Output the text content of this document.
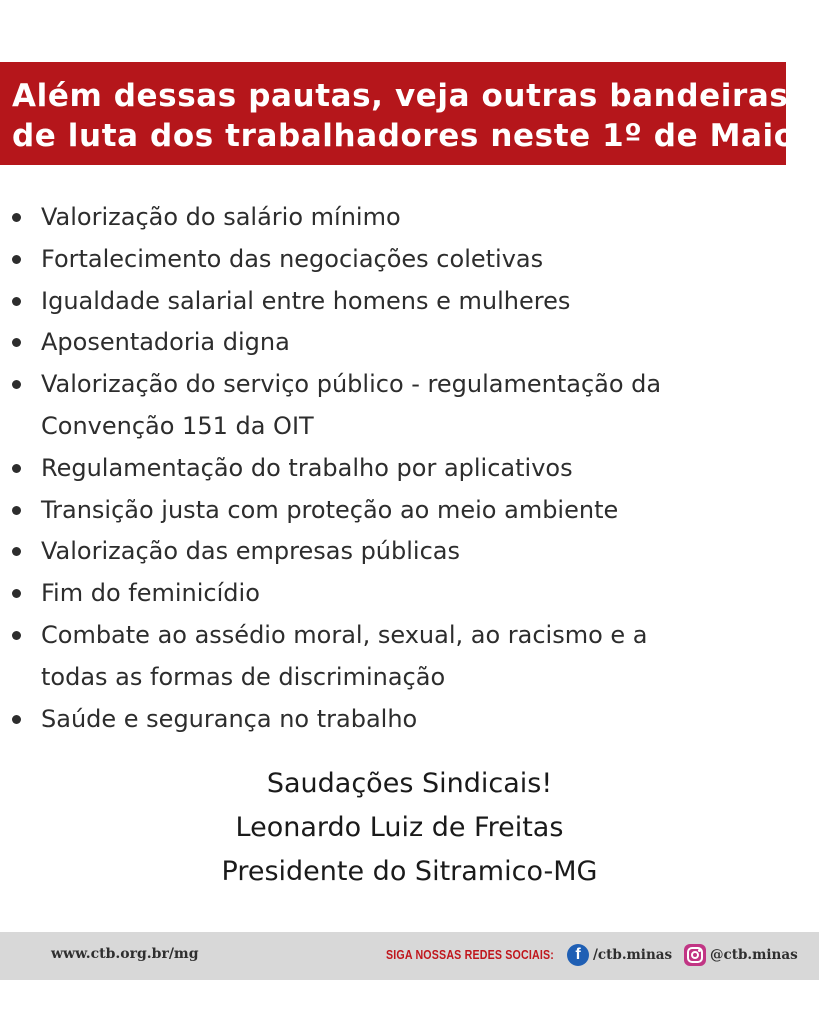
Além dessas pautas, veja outras bandeiras
de luta dos trabalhadores neste 1º de Maio:
Valorização do salário mínimo
Fortalecimento das negociações coletivas
Igualdade salarial entre homens e mulheres
Aposentadoria digna
Valorização do serviço público - regulamentação da
Convenção 151 da OIT
Regulamentação do trabalho por aplicativos
Transição justa com proteção ao meio ambiente
Valorização das empresas públicas
Fim do feminicídio
Combate ao assédio moral, sexual, ao racismo e a
todas as formas de discriminação
Saúde e segurança no trabalho
Saudações Sindicais!
Leonardo Luiz de Freitas
Presidente do Sitramico-MG
www.ctb.org.br/mg	SIGA NOSSAS REDES SOCIAIS:	f /ctb.minas	@ctb.minas
